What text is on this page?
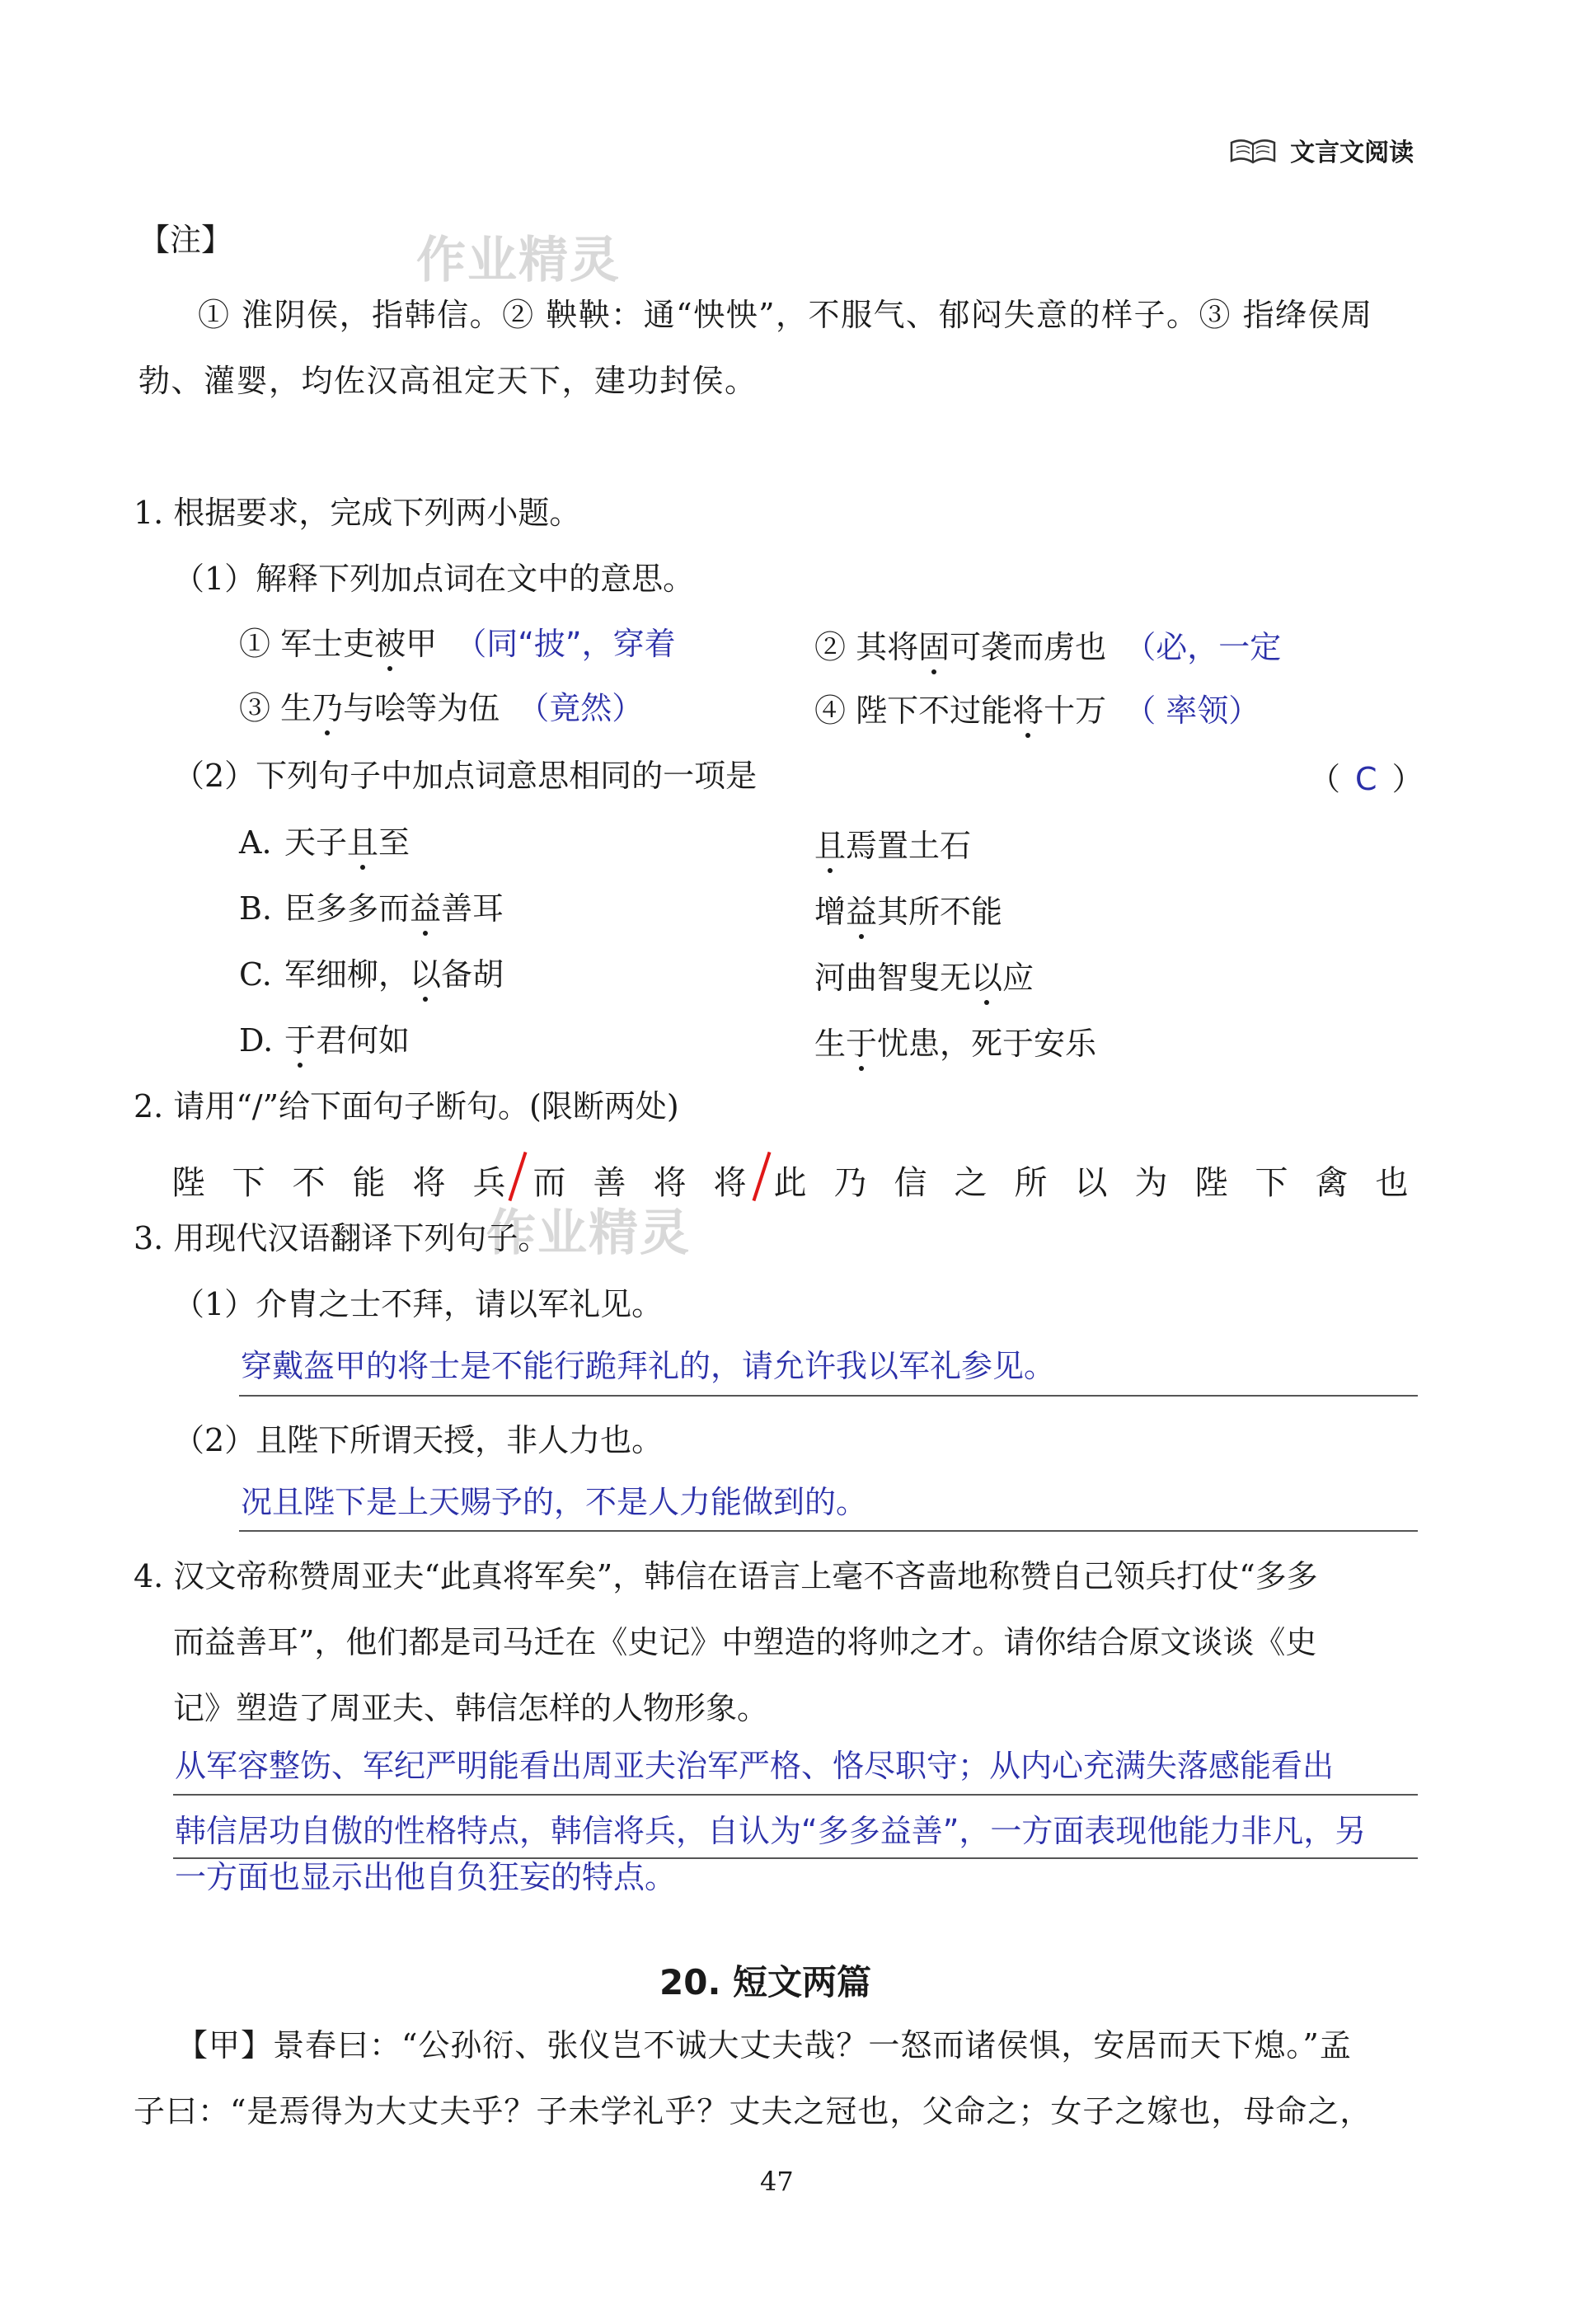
文言文阅读
作业精灵
作业精灵
【注】
① 淮阴侯，指韩信。② 鞅鞅：通“怏怏”，不服气、郁闷失意的样子。③ 指绛侯周
勃、灌婴，均佐汉高祖定天下，建功封侯。
1. 根据要求，完成下列两小题。
（1）解释下列加点词在文中的意思。
① 军士吏被甲 （同“披”，穿着	② 其将固可袭而虏也 （必，一定
③ 生乃与哙等为伍 （竟然）	④ 陛下不过能将十万 （ 率领）
（2）下列句子中加点词意思相同的一项是	（ C ）
A. 天子且至	且焉置土石
B. 臣多多而益善耳	增益其所不能
C. 军细柳，以备胡	河曲智叟无以应
D. 于君何如	生于忧患，死于安乐
2. 请用“/”给下面句子断句。(限断两处)
陛 下 不 能 将 兵 而 善 将 将 此 乃 信 之 所 以 为 陛 下 禽 也
3. 用现代汉语翻译下列句子。
（1）介胄之士不拜，请以军礼见。
穿戴盔甲的将士是不能行跪拜礼的，请允许我以军礼参见。
（2）且陛下所谓天授，非人力也。
况且陛下是上天赐予的，不是人力能做到的。
4. 汉文帝称赞周亚夫“此真将军矣”，韩信在语言上毫不吝啬地称赞自己领兵打仗“多多
而益善耳”，他们都是司马迁在《史记》中塑造的将帅之才。请你结合原文谈谈《史
记》塑造了周亚夫、韩信怎样的人物形象。
从军容整饬、军纪严明能看出周亚夫治军严格、恪尽职守；从内心充满失落感能看出
韩信居功自傲的性格特点，韩信将兵，自认为“多多益善”，一方面表现他能力非凡，另
一方面也显示出他自负狂妄的特点。
20. 短文两篇
【甲】景春曰：“公孙衍、张仪岂不诚大丈夫哉？一怒而诸侯惧，安居而天下熄。”孟
子曰：“是焉得为大丈夫乎？子未学礼乎？丈夫之冠也，父命之；女子之嫁也，母命之，
47
